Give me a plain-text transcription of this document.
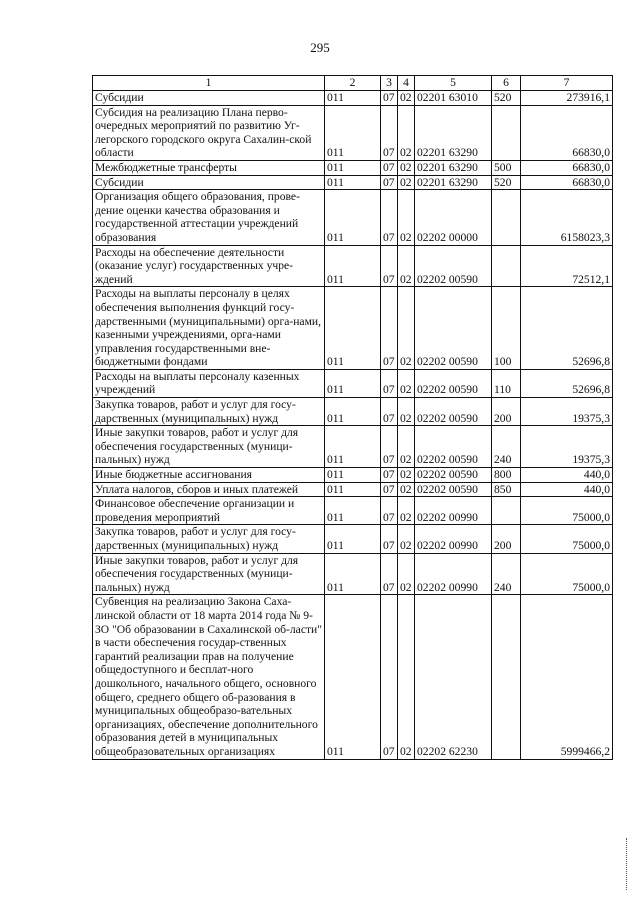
295
1	2	3	4	5	6	7
Субсидии	011	07	02	02201 63010	520	273916,1
Субсидия на реализацию Плана перво-очередных мероприятий по развитию Уг-легорского городского округа Сахалин-ской области	011	07	02	02201 63290		66830,0
Межбюджетные трансферты	011	07	02	02201 63290	500	66830,0
Субсидии	011	07	02	02201 63290	520	66830,0
Организация общего образования, прове-дение оценки качества образования и государственной аттестации учреждений образования	011	07	02	02202 00000		6158023,3
Расходы на обеспечение деятельности (оказание услуг) государственных учре-ждений	011	07	02	02202 00590		72512,1
Расходы на выплаты персоналу в целях обеспечения выполнения функций госу-дарственными (муниципальными) орга-нами, казенными учреждениями, орга-нами управления государственными вне-бюджетными фондами	011	07	02	02202 00590	100	52696,8
Расходы на выплаты персоналу казенных учреждений	011	07	02	02202 00590	110	52696,8
Закупка товаров, работ и услуг для госу-дарственных (муниципальных) нужд	011	07	02	02202 00590	200	19375,3
Иные закупки товаров, работ и услуг для обеспечения государственных (муници-пальных) нужд	011	07	02	02202 00590	240	19375,3
Иные бюджетные ассигнования	011	07	02	02202 00590	800	440,0
Уплата налогов, сборов и иных платежей	011	07	02	02202 00590	850	440,0
Финансовое обеспечение организации и проведения мероприятий	011	07	02	02202 00990		75000,0
Закупка товаров, работ и услуг для госу-дарственных (муниципальных) нужд	011	07	02	02202 00990	200	75000,0
Иные закупки товаров, работ и услуг для обеспечения государственных (муници-пальных) нужд	011	07	02	02202 00990	240	75000,0
Субвенция на реализацию Закона Саха-линской области от 18 марта 2014 года № 9-ЗО "Об образовании в Сахалинской об-ласти" в части обеспечения государ-ственных гарантий реализации прав на получение общедоступного и бесплат-ного дошкольного, начального общего, основного общего, среднего общего об-разования в муниципальных общеобразо-вательных организациях, обеспечение дополнительного образования детей в муниципальных общеобразовательных организациях	011	07	02	02202 62230		5999466,2
